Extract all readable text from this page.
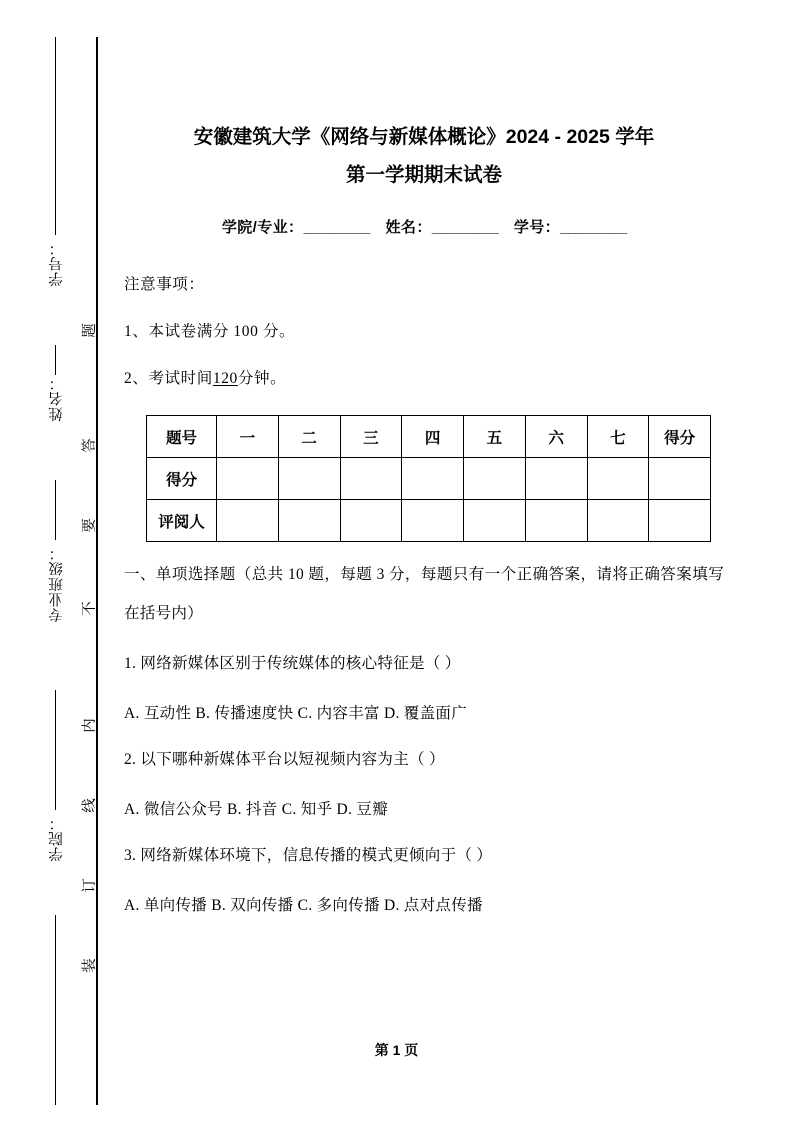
学号：
姓名：
专业班级：
学院：
题
答
要
不
内
线
订
装
安徽建筑大学《网络与新媒体概论》2024 - 2025 学年
第一学期期末试卷
学院/专业：_________ 姓名：_________ 学号：_________

注意事项：

1、本试卷满分 100 分。

2、考试时间120分钟。

题号	一	二	三	四	五	六	七	得分
得分								
评阅人								

一、单项选择题（总共 10 题，每题 3 分，每题只有一个正确答案，请将正确答案填写在括号内）

1. 网络新媒体区别于传统媒体的核心特征是（ ）

A. 互动性 B. 传播速度快 C. 内容丰富 D. 覆盖面广

2. 以下哪种新媒体平台以短视频内容为主（ ）

A. 微信公众号 B. 抖音 C. 知乎 D. 豆瓣

3. 网络新媒体环境下，信息传播的模式更倾向于（ ）

A. 单向传播 B. 双向传播 C. 多向传播 D. 点对点传播

第 1 页
